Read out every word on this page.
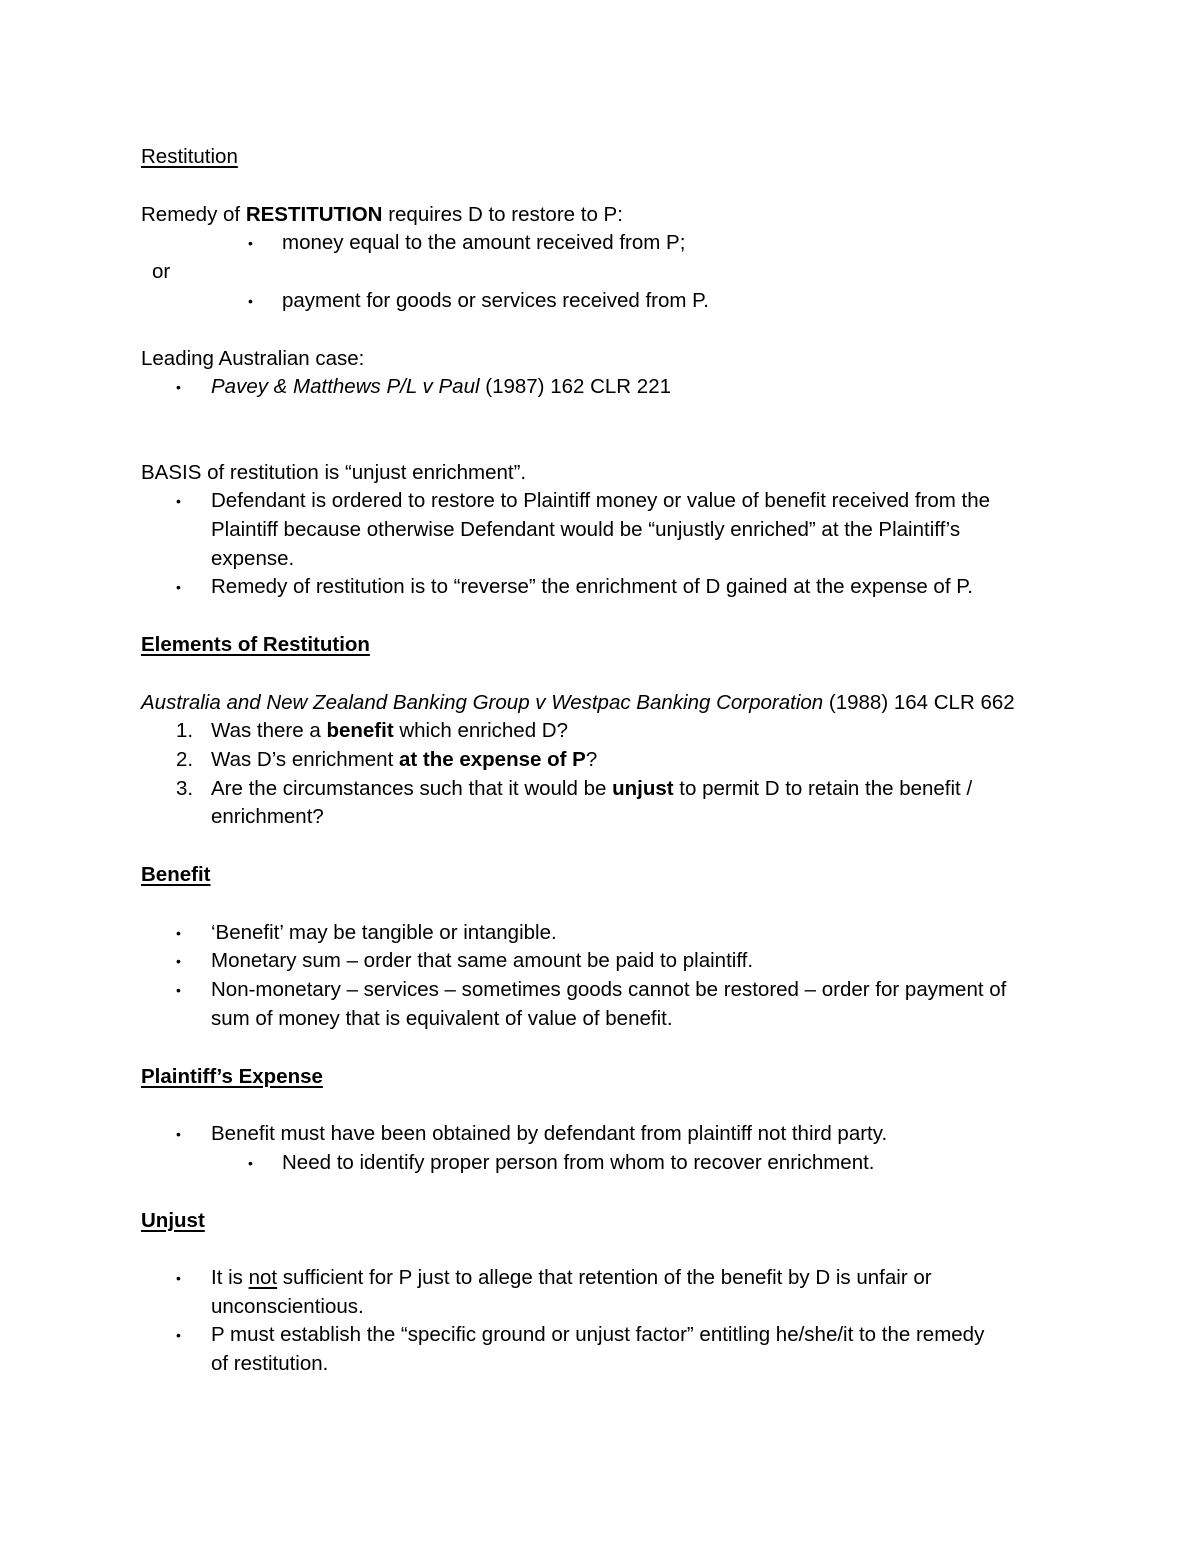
Restitution
Remedy of RESTITUTION requires D to restore to P:
• money equal to the amount received from P;
or
• payment for goods or services received from P.
Leading Australian case:
• Pavey & Matthews P/L v Paul (1987) 162 CLR 221
BASIS of restitution is “unjust enrichment”.
• Defendant is ordered to restore to Plaintiff money or value of benefit received from the
Plaintiff because otherwise Defendant would be “unjustly enriched” at the Plaintiff’s
expense.
• Remedy of restitution is to “reverse” the enrichment of D gained at the expense of P.
Elements of Restitution
Australia and New Zealand Banking Group v Westpac Banking Corporation (1988) 164 CLR 662
1. Was there a benefit which enriched D?
2. Was D’s enrichment at the expense of P?
3. Are the circumstances such that it would be unjust to permit D to retain the benefit /
enrichment?
Benefit
• ‘Benefit’ may be tangible or intangible.
• Monetary sum – order that same amount be paid to plaintiff.
• Non-monetary – services – sometimes goods cannot be restored – order for payment of
sum of money that is equivalent of value of benefit.
Plaintiff’s Expense
• Benefit must have been obtained by defendant from plaintiff not third party.
• Need to identify proper person from whom to recover enrichment.
Unjust
• It is not sufficient for P just to allege that retention of the benefit by D is unfair or
unconscientious.
• P must establish the “specific ground or unjust factor” entitling he/she/it to the remedy
of restitution.
